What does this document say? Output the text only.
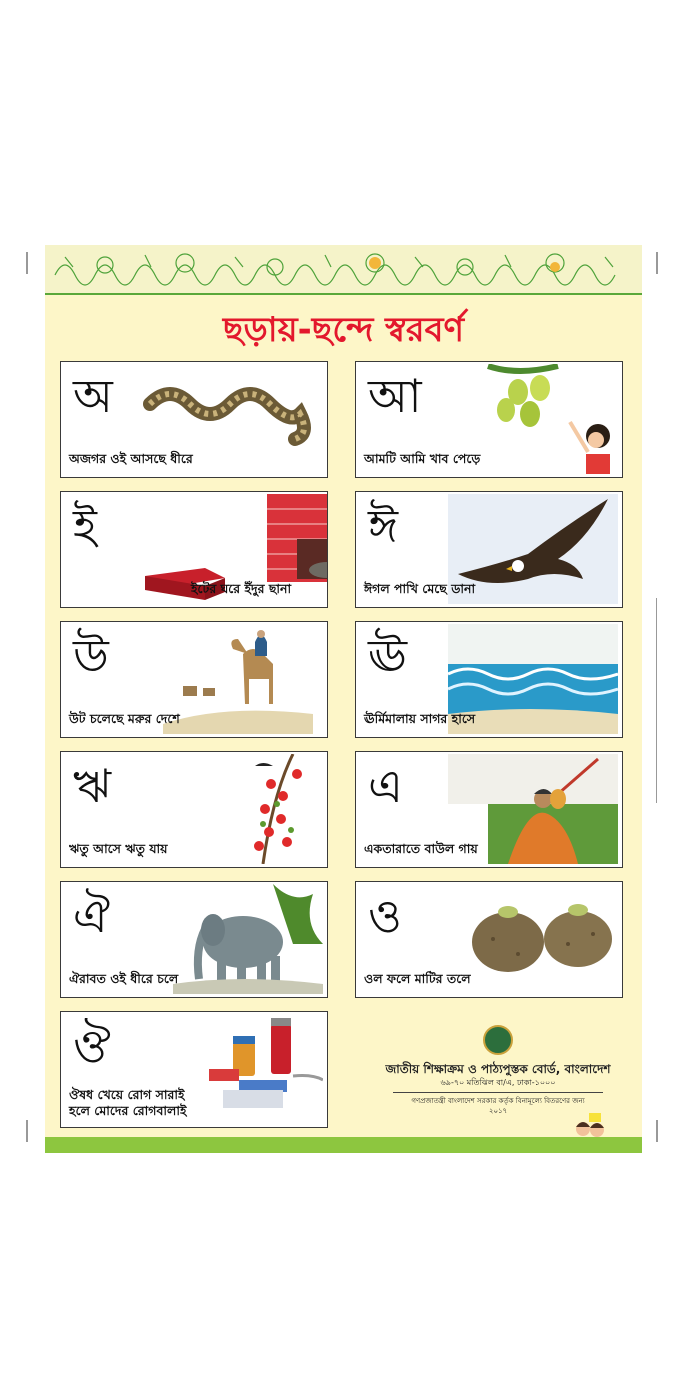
ছড়ায়-ছন্দে স্বরবর্ণ
অ
অজগর ওই আসছে ধীরে
আ
আমটি আমি খাব পেড়ে
ই
ইটের ঘরে ইঁদুর ছানা
ঈ
ঈগল পাখি মেছে ডানা
উ
উট চলেছে মরুর দেশে
ঊ
ঊর্মিমালায় সাগর হাসে
ঋ
ঋতু আসে ঋতু যায়
এ
একতারাতে বাউল গায়
ঐ
ঐরাবত ওই ধীরে চলে
ও
ওল ফলে মাটির তলে
ঔ
ঔষধ খেয়ে রোগ সারাই
হলে মোদের রোগবালাই
জাতীয় শিক্ষাক্রম ও পাঠ্যপুস্তক বোর্ড, বাংলাদেশ
৬৯-৭০ মতিঝিল বা/এ, ঢাকা-১০০০
গণপ্রজাতন্ত্রী বাংলাদেশ সরকার কর্তৃক বিনামূল্যে বিতরণের জন্য
২০১৭
